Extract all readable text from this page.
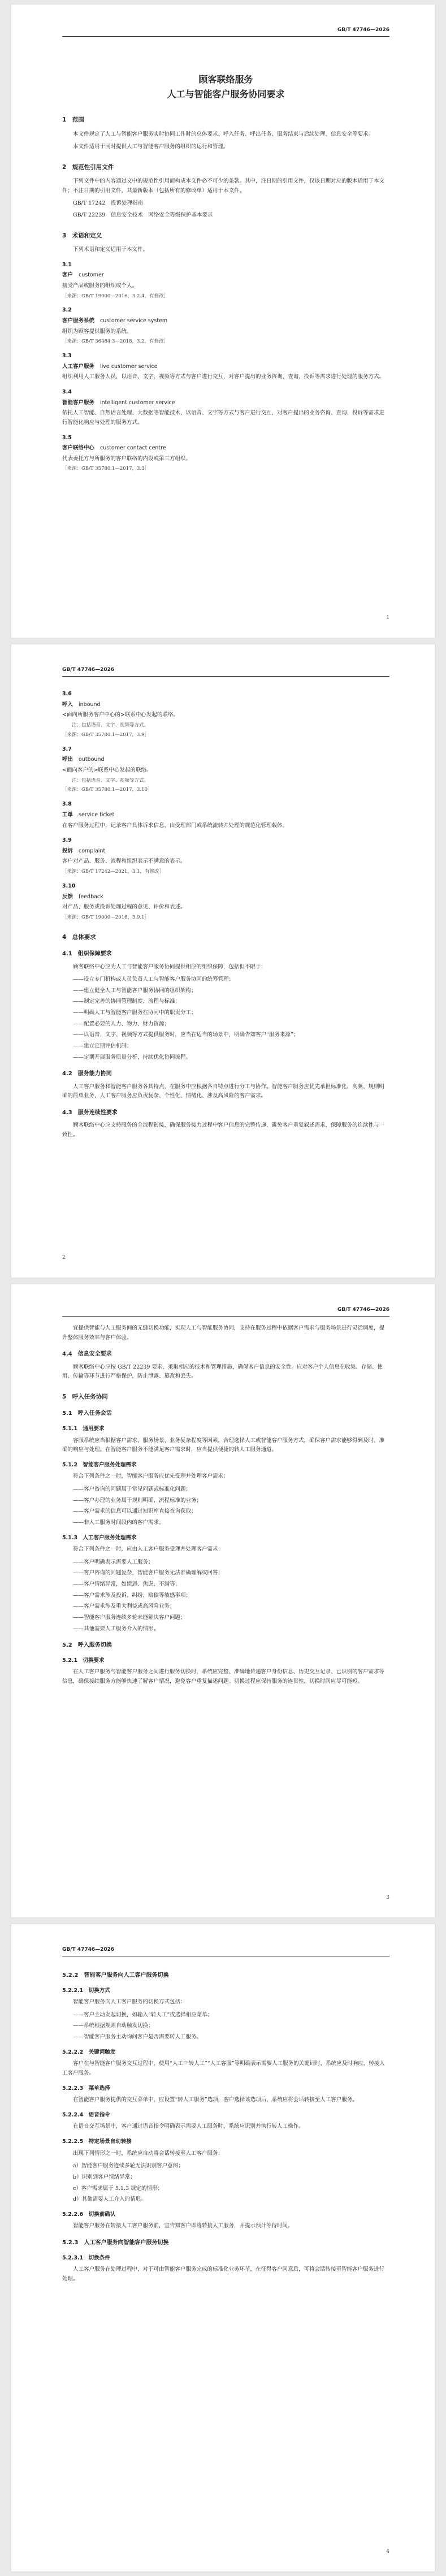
GB/T 47746—2026
顾客联络服务
人工与智能客户服务协同要求
1　范围

本文件规定了人工与智能客户服务实时协同工作时的总体要求、呼入任务、呼出任务、服务结束与后续处理、信息安全等要求。

本文件适用于同时提供人工与智能客户服务的组织的运行和管理。

2　规范性引用文件

下列文件中的内容通过文中的规范性引用而构成本文件必不可少的条款。其中，注日期的引用文件，仅该日期对应的版本适用于本文件；不注日期的引用文件，其最新版本（包括所有的修改单）适用于本文件。

GB/T 17242　投诉处理指南
GB/T 22239　信息安全技术　网络安全等级保护基本要求
3　术语和定义

下列术语和定义适用于本文件。

3.1
客户 customer
接受产品或服务的组织或个人。
［来源：GB/T 19000—2016，3.2.4，有修改］
3.2
客户服务系统 customer service system
组织为顾客提供服务的系统。
［来源：GB/T 36484.3—2018，3.2，有修改］
3.3
人工客户服务 live customer service
组织利用人工服务人员，以语音、文字、视频等方式与客户进行交互，对客户提出的业务咨询、查询、投诉等需求进行处理的服务方式。
3.4
智能客户服务 intelligent customer service
依托人工智能、自然语言处理、大数据等智能技术，以语音、文字等方式与客户进行交互，对客户提出的业务咨询、查询、投诉等需求进行智能化响应与处理的服务方式。
3.5
客户联络中心 customer contact centre
代表委托方与所服务的客户联络的内设或第三方组织。
［来源：GB/T 35780.1—2017，3.3］
1
GB/T 47746—2026
3.6
呼入 inbound
<面向所服务客户中心的>联系中心发起的联络。
注：包括语音、文字、视频等方式。
［来源：GB/T 35780.1—2017，3.9］
3.7
呼出 outbound
<面向客户的>联系中心发起的联络。
注：包括语音、文字、视频等方式。
［来源：GB/T 35780.1—2017，3.10］
3.8
工单 service ticket
在客户服务过程中，记录客户具体诉求信息，由受理部门或系统流转并处理的规范化管理载体。
3.9
投诉 complaint
客户对产品、服务、流程和组织表示不满意的表示。
［来源：GB/T 17242—2021，3.1，有修改］
3.10
反馈 feedback
对产品、服务或投诉处理过程的意见、评价和表述。
［来源：GB/T 19000—2016，3.9.1］
4　总体要求
4.1　组织保障要求

顾客联络中心应为人工与智能客户服务协同提供相应的组织保障，包括但不限于：

——设立专门机构或人员负责人工与智能客户服务协同的统筹管理；
——建立健全人工与智能客户服务协同的组织架构；
——制定完善的协同管理制度、流程与标准；
——明确人工与智能客户服务在协同中的职责分工；
——配置必要的人力、物力、财力资源；
——以语音、文字、视频等方式提供服务时，应当在适当的场景中，明确告知客户“服务来源”；
——建立定期评估机制；
——定期开展服务质量分析，持续优化协同流程。
4.2　服务能力协同

人工客户服务和智能客户服务各具特点，在服务中应根据各自特点进行分工与协作。智能客户服务应优先承担标准化、高频、规则明确的简单业务，人工客户服务应负责复杂、个性化、情绪化、涉及高风险的客户需求。

4.3　服务连续性要求

顾客联络中心应支持服务的全流程衔接，确保服务接力过程中客户信息的完整传递，避免客户重复叙述需求，保障服务的连续性与一致性。

2
GB/T 47746—2026

宜提供智能与人工服务间的无缝切换功能，实现人工与智能服务协同，支持在服务过程中依据客户需求与服务场景进行灵活调度，提升整体服务效率与客户体验。

4.4　信息安全要求

顾客联络中心应按 GB/T 22239 要求，采取相应的技术和管理措施，确保客户信息的安全性。应对客户个人信息在收集、存储、使用、传输等环节进行严格保护，防止泄露、篡改和丢失。

5　呼入任务协同
5.1　呼入任务会话
5.1.1　通用要求

客服系统应当根据客户需求、服务场景、业务复杂程度等因素，合理选择人工或智能客户服务方式，确保客户需求能够得到及时、准确的响应与处理。在智能客户服务不能满足客户需求时，应当提供便捷的转人工服务通道。

5.1.2　智能客户服务处理需求

符合下列条件之一时，智能客户服务应优先受理并处理客户需求：

——客户咨询的问题属于常见问题或标准化问题；
——客户办理的业务属于规则明确、流程标准的业务；
——客户需求的信息可以通过知识库直接查询获取；
——非人工服务时间段内的客户需求。
5.1.3　人工客户服务处理需求

符合下列条件之一时，应由人工客户服务受理并处理客户需求：

——客户明确表示需要人工服务；
——客户咨询的问题复杂，智能客户服务无法准确理解或回答；
——客户情绪异常，如愤怒、焦虑、不满等；
——客户需求涉及投诉、纠纷、赔偿等敏感事项；
——客户需求涉及重大利益或高风险业务；
——智能客户服务连续多轮未能解决客户问题；
——其他需要人工服务介入的情形。
5.2　呼入服务切换
5.2.1　切换要求

在人工客户服务与智能客户服务之间进行服务切换时，系统应完整、准确地传递客户身份信息、历史交互记录、已识别的客户需求等信息，确保接续服务方能够快速了解客户情况，避免客户重复描述问题。切换过程应保持服务的连贯性，切换时间应尽可能短。

3
GB/T 47746—2026
5.2.2　智能客户服务向人工客户服务切换
5.2.2.1　切换方式

智能客户服务向人工客户服务的切换方式包括：

——客户主动发起切换，如输入“转人工”或选择相应菜单；
——系统根据规则自动触发切换；
——智能客户服务主动询问客户是否需要转人工服务。
5.2.2.2　关键词触发

客户在与智能客户服务交互过程中，使用“人工”“转人工”“人工客服”等明确表示需要人工服务的关键词时，系统应及时响应，转接人工客户服务。

5.2.2.3　菜单选择

在智能客户服务提供的交互菜单中，应设置“转人工服务”选项，客户选择该选项后，系统应将会话转接至人工客户服务。

5.2.2.4　语音指令

在语音交互场景中，客户通过语音指令明确表示需要人工服务时，系统应识别并执行转人工操作。

5.2.2.5　特定场景自动转接

出现下列情形之一时，系统应自动将会话转接至人工客户服务：

a）智能客户服务连续多轮无法识别客户意图；
b）识别到客户情绪异常；
c）客户需求属于 5.1.3 规定的情形；
d）其他需要人工介入的情形。
5.2.2.6　切换前确认

智能客户服务在转接人工客户服务前，宜告知客户即将转接人工服务，并提示预计等待时间。

5.2.3　人工客户服务向智能客户服务切换
5.2.3.1　切换条件

人工客户服务在处理过程中，对于可由智能客户服务完成的标准化业务环节，在征得客户同意后，可将会话转接至智能客户服务进行处理。

4
